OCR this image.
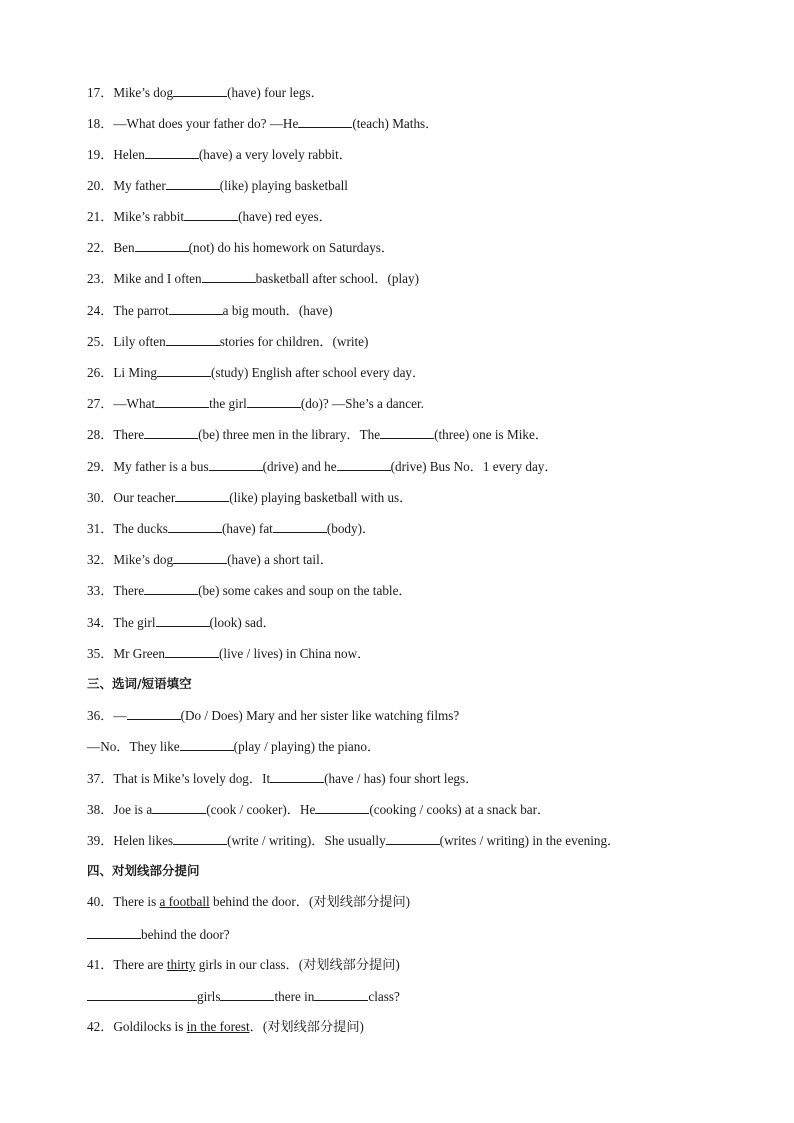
17．Mike’s dog	(have) four legs．
18．—What does your father do? —He	(teach) Maths．
19．Helen	(have) a very lovely rabbit．
20．My father	(like) playing basketball
21．Mike’s rabbit	(have) red eyes．
22．Ben	(not) do his homework on Saturdays．
23．Mike and I often	basketball after school．(play)
24．The parrot	a big mouth．(have)
25．Lily often	stories for children．(write)
26．Li Ming	(study) English after school every day．
27．—What	the girl	(do)? —She’s a dancer.
28．There	(be) three men in the library．The	(three) one is Mike．
29．My father is a bus	(drive) and he	(drive) Bus No．1 every day．
30．Our teacher	(like) playing basketball with us．
31．The ducks	(have) fat	(body)．
32．Mike’s dog	(have) a short tail．
33．There	(be) some cakes and soup on the table．
34．The girl	(look) sad．
35．Mr Green	(live / lives) in China now．
三、选词/短语填空
36．—	(Do / Does) Mary and her sister like watching films?
—No．They like	(play / playing) the piano．
37．That is Mike’s lovely dog．It	(have / has) four short legs．
38．Joe is a	(cook / cooker)．He	(cooking / cooks) at a snack bar．
39．Helen likes	(write / writing)．She usually	(writes / writing) in the evening．
四、对划线部分提问
40．There is a football behind the door．(对划线部分提问)
behind the door?
41．There are thirty girls in our class．(对划线部分提问)
girls	there in	class?
42．Goldilocks is in the forest．(对划线部分提问)
